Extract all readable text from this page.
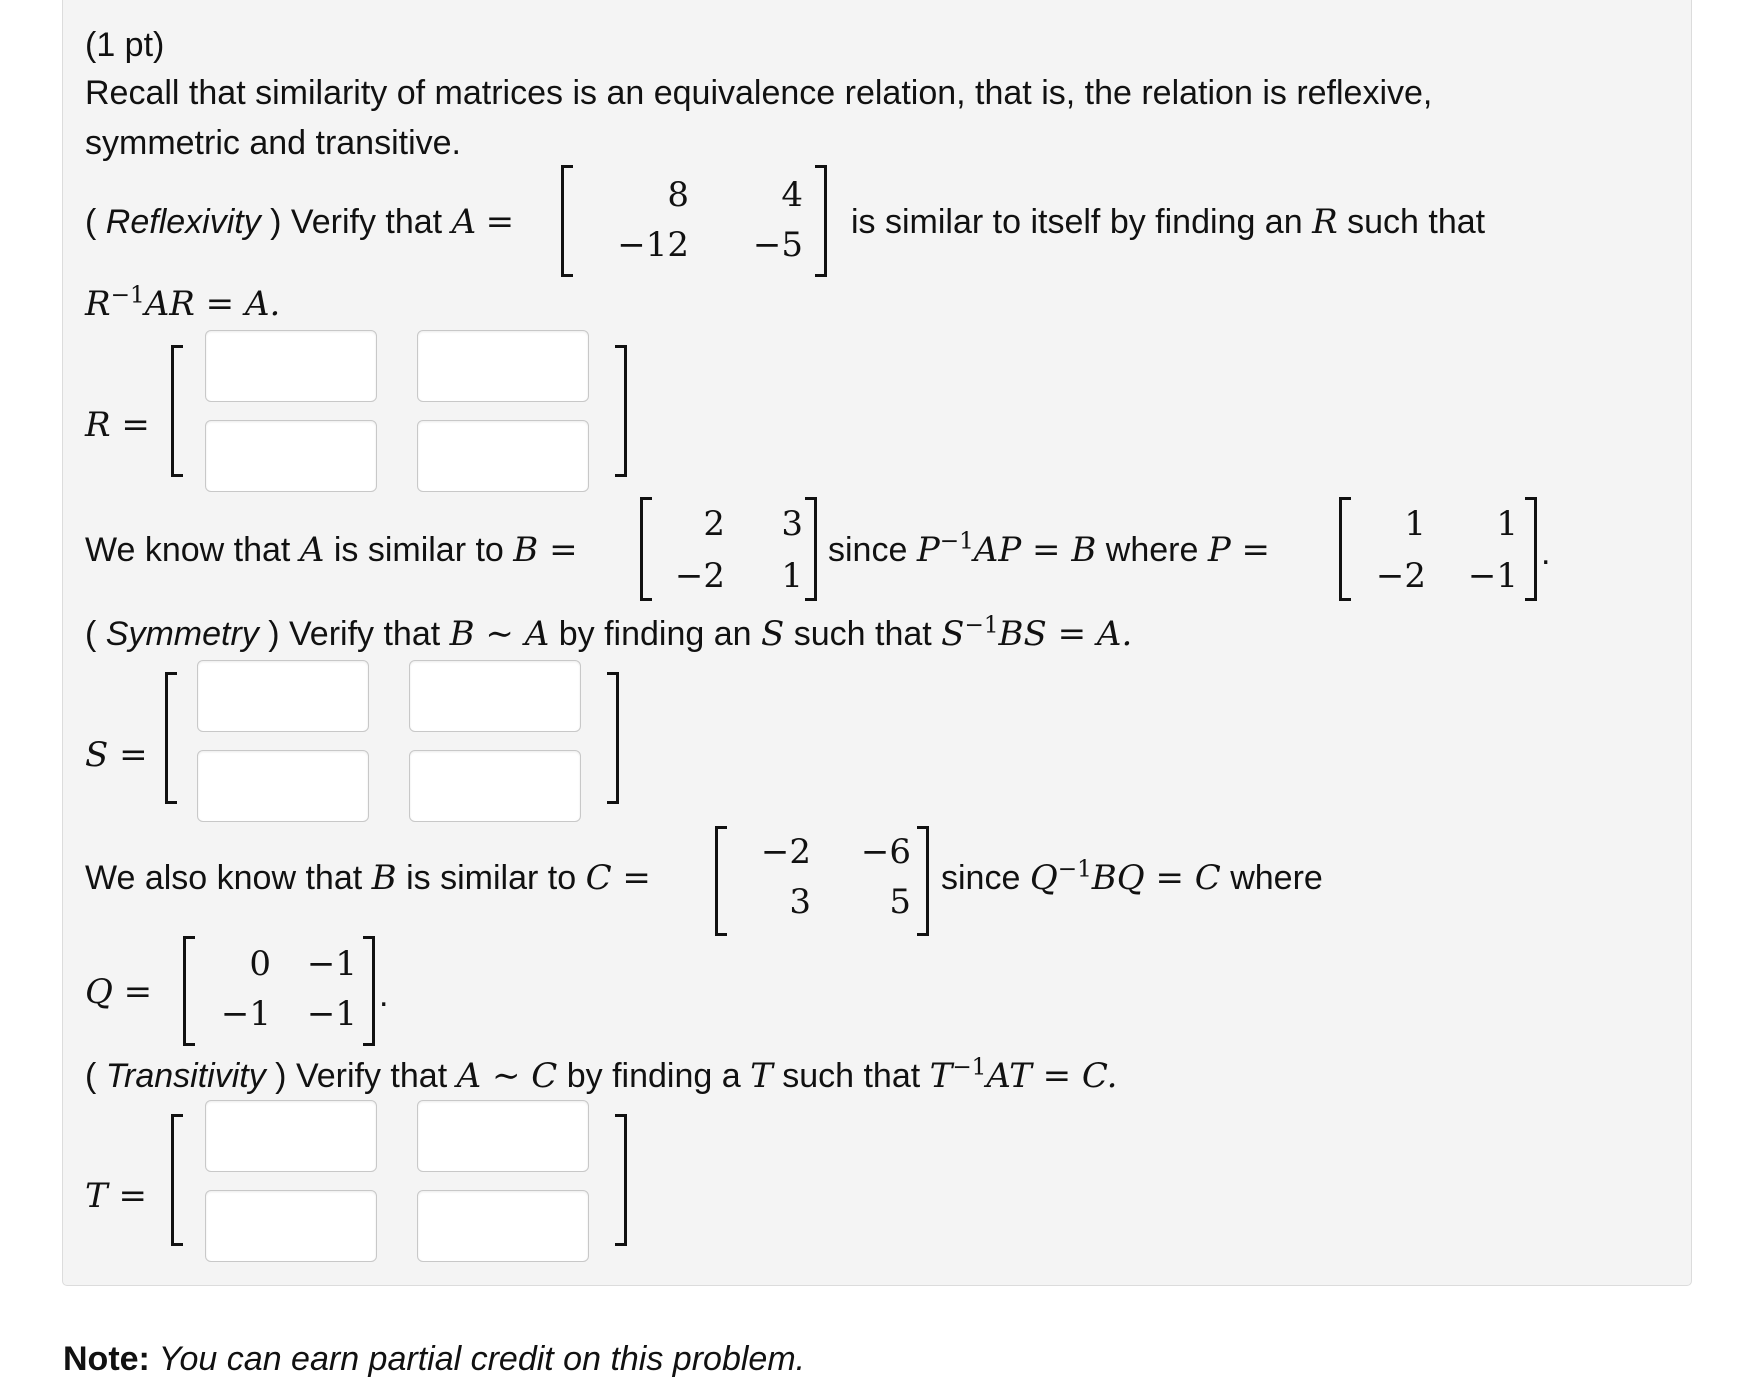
(1 pt)
Recall that similarity of matrices is an equivalence relation, that is, the relation is reflexive,
symmetric and transitive.
( Reflexivity ) Verify that A =
8	4
−12	−5
is similar to itself by finding an R such that
$R^{-1}AR = A$.
R =
We know that A is similar to B =
2	3
−2	1
since $P^{-1}AP = B$ where P =
1	1
−2	−1
.
( Symmetry ) Verify that B ∼ A by finding an S such that $S^{-1}BS = A$.
S =
We also know that B is similar to C =
−2	−6
3	5
since $Q^{-1}BQ = C$ where
Q =
0	−1
−1	−1 .
( Transitivity ) Verify that A ∼ C by finding a T such that $T^{-1}AT = C$.
T =
Note: You can earn partial credit on this problem.
